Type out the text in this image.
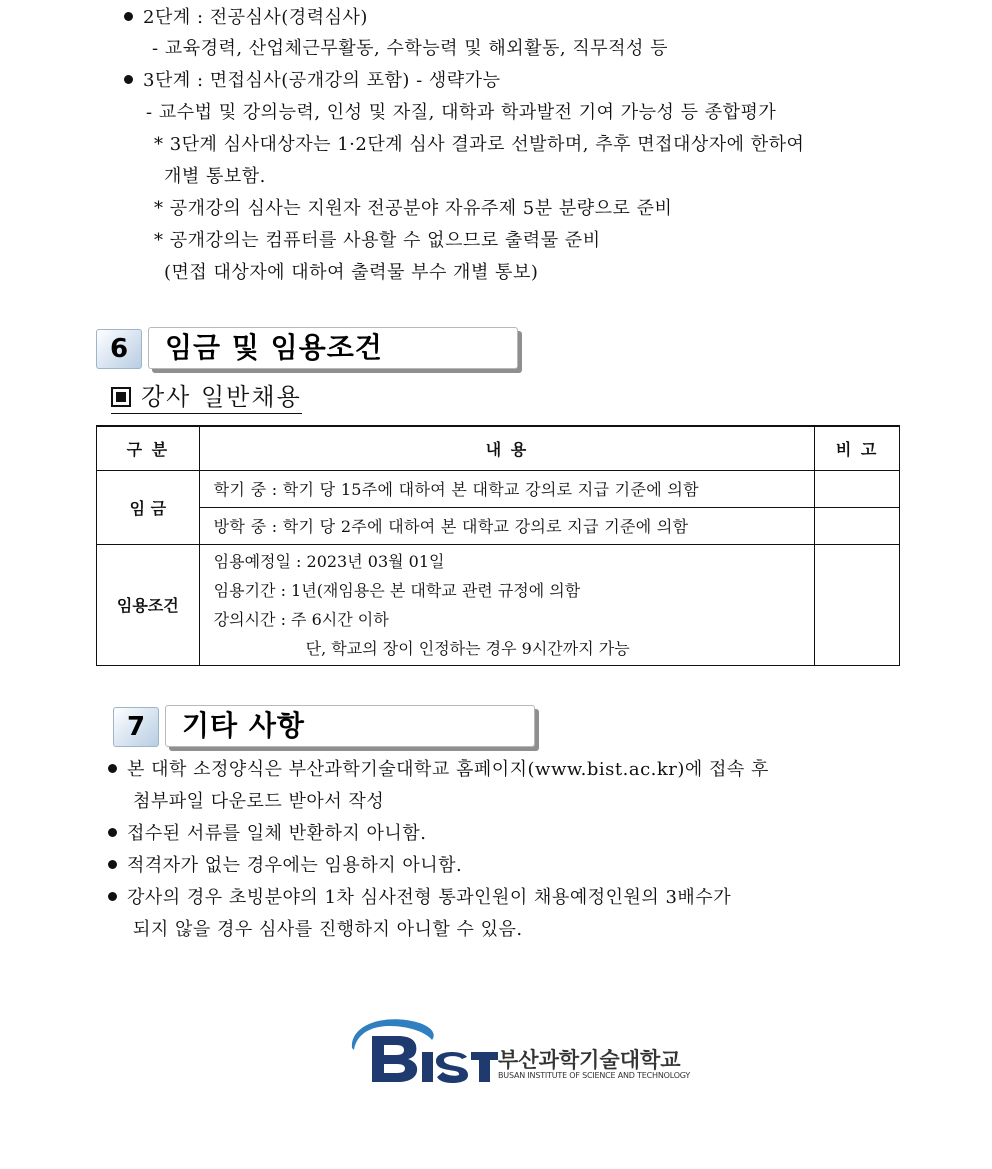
2단계 : 전공심사(경력심사)
- 교육경력, 산업체근무활동, 수학능력 및 해외활동, 직무적성 등
3단계 : 면접심사(공개강의 포함) - 생략가능
- 교수법 및 강의능력, 인성 및 자질, 대학과 학과발전 기여 가능성 등 종합평가
* 3단계 심사대상자는 1·2단계 심사 결과로 선발하며, 추후 면접대상자에 한하여
개별 통보함.
* 공개강의 심사는 지원자 전공분야 자유주제 5분 분량으로 준비
* 공개강의는 컴퓨터를 사용할 수 없으므로 출력물 준비
(면접 대상자에 대하여 출력물 부수 개별 통보)
6	임금 및 임용조건
강사 일반채용
구 분	내 용	비 고
임 금	학기 중 : 학기 당 15주에 대하여 본 대학교 강의로 지급 기준에 의함	
	방학 중 : 학기 당 2주에 대하여 본 대학교 강의로 지급 기준에 의함	
임용조건	임용예정일 : 2023년 03월 01일
임용기간 : 1년(재임용은 본 대학교 관련 규정에 의함
강의시간 : 주 6시간 이하
단, 학교의 장이 인정하는 경우 9시간까지 가능	

7	기타 사항
본 대학 소정양식은 부산과학기술대학교 홈페이지(www.bist.ac.kr)에 접속 후
첨부파일 다운로드 받아서 작성
접수된 서류를 일체 반환하지 아니함.
적격자가 없는 경우에는 임용하지 아니함.
강사의 경우 초빙분야의 1차 심사전형 통과인원이 채용예정인원의 3배수가
되지 않을 경우 심사를 진행하지 아니할 수 있음.
부산과학기술대학교
BUSAN INSTITUTE OF SCIENCE AND TECHNOLOGY
